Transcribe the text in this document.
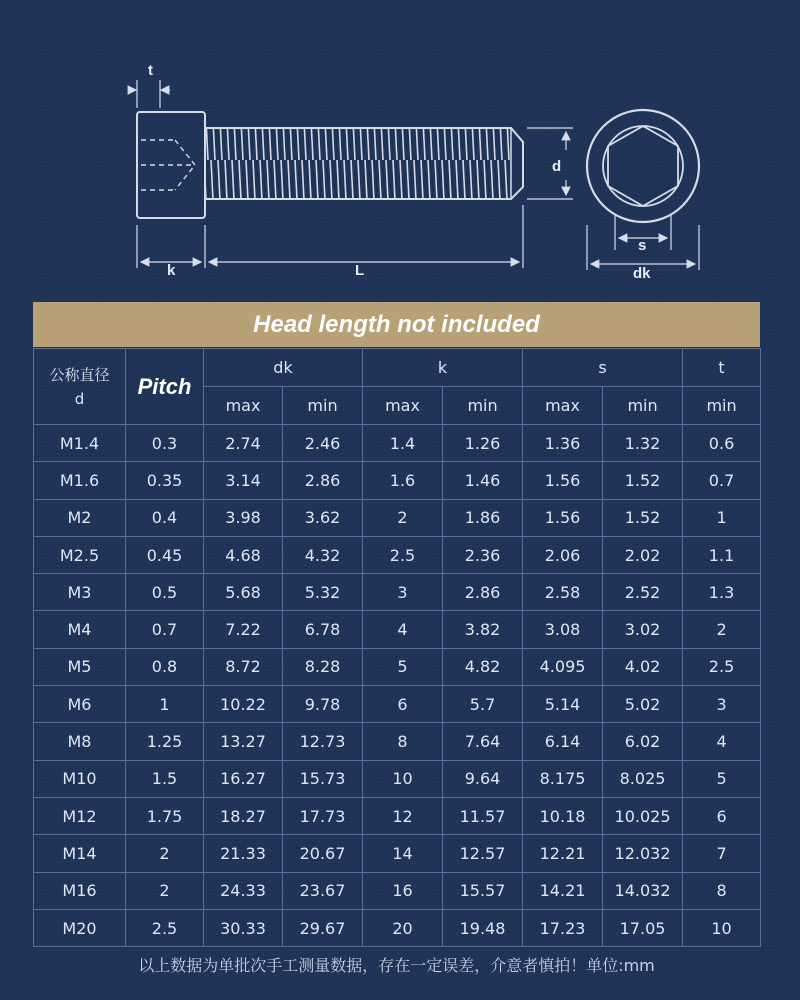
t
k	L
d
s
dk
Head length not included
公称直径
d	Pitch	dk		k		s		t
		max	min	max	min	max	min	min
M1.4	0.3	2.74	2.46	1.4	1.26	1.36	1.32	0.6
M1.6	0.35	3.14	2.86	1.6	1.46	1.56	1.52	0.7
M2	0.4	3.98	3.62	2	1.86	1.56	1.52	1
M2.5	0.45	4.68	4.32	2.5	2.36	2.06	2.02	1.1
M3	0.5	5.68	5.32	3	2.86	2.58	2.52	1.3
M4	0.7	7.22	6.78	4	3.82	3.08	3.02	2
M5	0.8	8.72	8.28	5	4.82	4.095	4.02	2.5
M6	1	10.22	9.78	6	5.7	5.14	5.02	3
M8	1.25	13.27	12.73	8	7.64	6.14	6.02	4
M10	1.5	16.27	15.73	10	9.64	8.175	8.025	5
M12	1.75	18.27	17.73	12	11.57	10.18	10.025	6
M14	2	21.33	20.67	14	12.57	12.21	12.032	7
M16	2	24.33	23.67	16	15.57	14.21	14.032	8
M20	2.5	30.33	29.67	20	19.48	17.23	17.05	10
以上数据为单批次手工测量数据，存在一定误差，介意者慎拍！单位:mm
